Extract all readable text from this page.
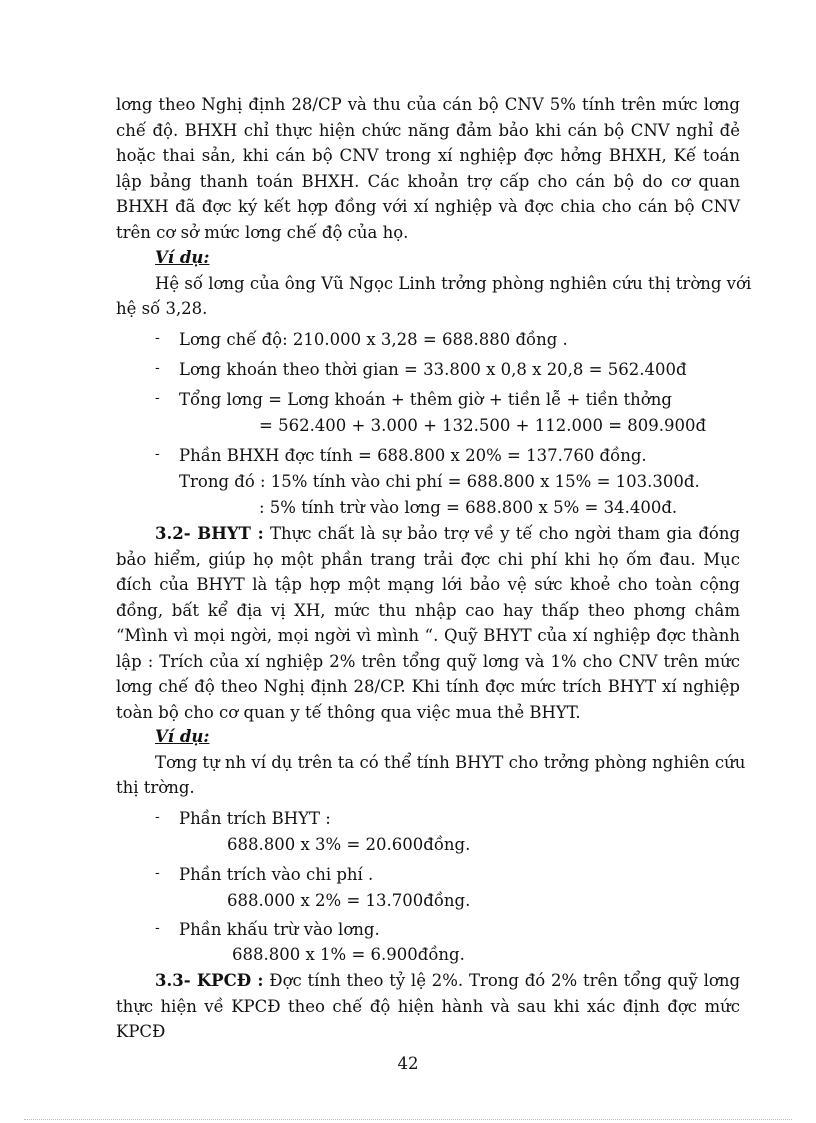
lơng theo Nghị định 28/CP và thu của cán bộ CNV 5% tính trên mức lơng chế độ. BHXH chỉ thực hiện chức năng đảm bảo khi cán bộ CNV nghỉ đẻ hoặc thai sản, khi cán bộ CNV trong xí nghiệp đợc hởng BHXH, Kế toán lập bảng thanh toán BHXH. Các khoản trợ cấp cho cán bộ do cơ quan BHXH đã đợc ký kết hợp đồng với xí nghiệp và đợc chia cho cán bộ CNV trên cơ sở mức lơng chế độ của họ.
Ví dụ:
Hệ số lơng của ông Vũ Ngọc Linh trởng phòng nghiên cứu thị trờng với
hệ số 3,28.
- Lơng chế độ: 210.000 x 3,28 = 688.880 đồng .
- Lơng khoán theo thời gian = 33.800 x 0,8 x 20,8 = 562.400đ
- Tổng lơng = Lơng khoán + thêm giờ + tiền lễ + tiền thởng
= 562.400 + 3.000 + 132.500 + 112.000 = 809.900đ
- Phần BHXH đợc tính = 688.800 x 20% = 137.760 đồng.
Trong đó : 15% tính vào chi phí = 688.800 x 15% = 103.300đ.
: 5% tính trừ vào lơng = 688.800 x 5% = 34.400đ.
3.2- BHYT : Thực chất là sự bảo trợ về y tế cho ngời tham gia đóng bảo hiểm, giúp họ một phần trang trải đợc chi phí khi họ ốm đau. Mục đích của BHYT là tập hợp một mạng lới bảo vệ sức khoẻ cho toàn cộng đồng, bất kể địa vị XH, mức thu nhập cao hay thấp theo phơng châm “Mình vì mọi ngời, mọi ngời vì mình “. Quỹ BHYT của xí nghiệp đợc thành lập : Trích của xí nghiệp 2% trên tổng quỹ lơng và 1% cho CNV trên mức lơng chế độ theo Nghị định 28/CP. Khi tính đợc mức trích BHYT xí nghiệp toàn bộ cho cơ quan y tế thông qua việc mua thẻ BHYT.
Ví dụ:
Tơng tự nh ví dụ trên ta có thể tính BHYT cho trởng phòng nghiên cứu
thị trờng.
- Phần trích BHYT :
688.800 x 3% = 20.600đồng.
- Phần trích vào chi phí .
688.000 x 2% = 13.700đồng.
- Phần khấu trừ vào lơng.
688.800 x 1% = 6.900đồng.
3.3- KPCĐ : Đợc tính theo tỷ lệ 2%. Trong đó 2% trên tổng quỹ lơng thực hiện về KPCĐ theo chế độ hiện hành và sau khi xác định đợc mức KPCĐ
42
